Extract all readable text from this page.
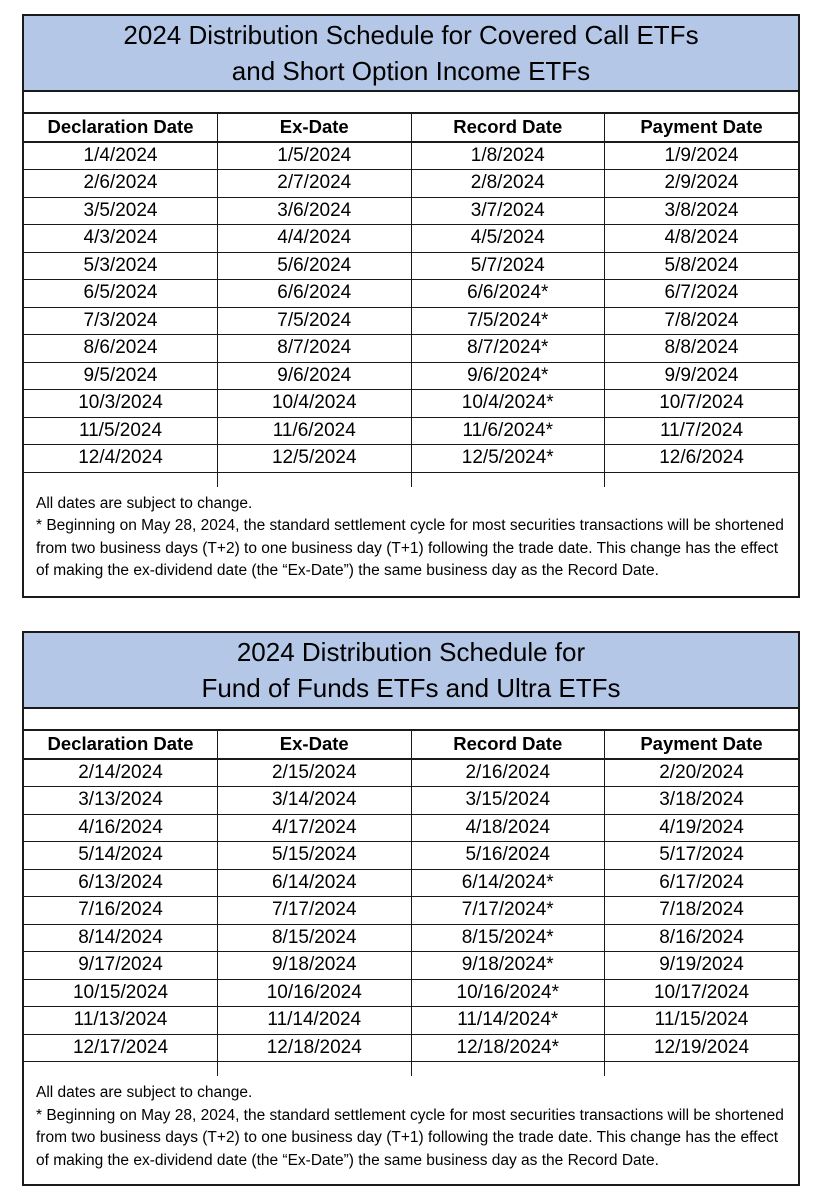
2024 Distribution Schedule for Covered Call ETFs
and Short Option Income ETFs
Declaration Date	Ex-Date	Record Date	Payment Date
1/4/2024	1/5/2024	1/8/2024	1/9/2024
2/6/2024	2/7/2024	2/8/2024	2/9/2024
3/5/2024	3/6/2024	3/7/2024	3/8/2024
4/3/2024	4/4/2024	4/5/2024	4/8/2024
5/3/2024	5/6/2024	5/7/2024	5/8/2024
6/5/2024	6/6/2024	6/6/2024*	6/7/2024
7/3/2024	7/5/2024	7/5/2024*	7/8/2024
8/6/2024	8/7/2024	8/7/2024*	8/8/2024
9/5/2024	9/6/2024	9/6/2024*	9/9/2024
10/3/2024	10/4/2024	10/4/2024*	10/7/2024
11/5/2024	11/6/2024	11/6/2024*	11/7/2024
12/4/2024	12/5/2024	12/5/2024*	12/6/2024

All dates are subject to change.

* Beginning on May 28, 2024, the standard settlement cycle for most securities transactions will be shortened from two business days (T+2) to one business day (T+1) following the trade date. This change has the effect of making the ex-dividend date (the “Ex-Date”) the same business day as the Record Date.

2024 Distribution Schedule for
Fund of Funds ETFs and Ultra ETFs
Declaration Date	Ex-Date	Record Date	Payment Date
2/14/2024	2/15/2024	2/16/2024	2/20/2024
3/13/2024	3/14/2024	3/15/2024	3/18/2024
4/16/2024	4/17/2024	4/18/2024	4/19/2024
5/14/2024	5/15/2024	5/16/2024	5/17/2024
6/13/2024	6/14/2024	6/14/2024*	6/17/2024
7/16/2024	7/17/2024	7/17/2024*	7/18/2024
8/14/2024	8/15/2024	8/15/2024*	8/16/2024
9/17/2024	9/18/2024	9/18/2024*	9/19/2024
10/15/2024	10/16/2024	10/16/2024*	10/17/2024
11/13/2024	11/14/2024	11/14/2024*	11/15/2024
12/17/2024	12/18/2024	12/18/2024*	12/19/2024

All dates are subject to change.

* Beginning on May 28, 2024, the standard settlement cycle for most securities transactions will be shortened from two business days (T+2) to one business day (T+1) following the trade date. This change has the effect of making the ex-dividend date (the “Ex-Date”) the same business day as the Record Date.
